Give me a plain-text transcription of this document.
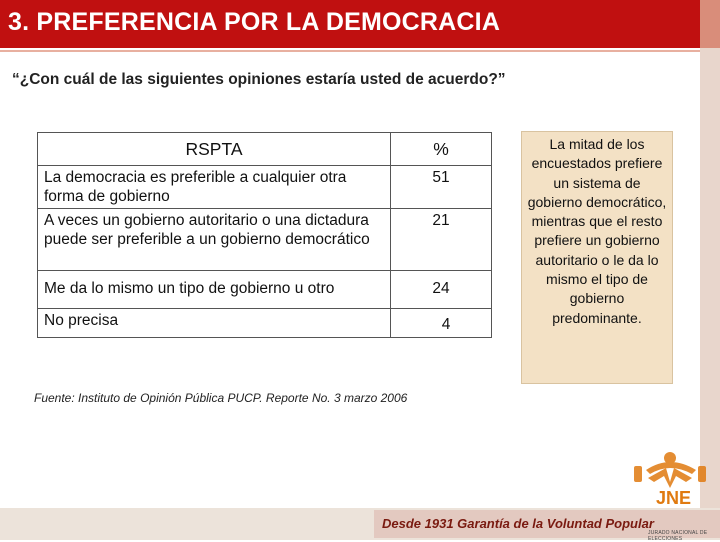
3. PREFERENCIA POR LA DEMOCRACIA
“¿Con cuál de las siguientes opiniones estaría usted de acuerdo?”
RSPTA	%
La democracia es preferible a cualquier otra forma de gobierno	51
A veces un gobierno autoritario o una dictadura puede ser preferible a un gobierno democrático	21
Me da lo mismo un tipo de gobierno u otro	24
No precisa	4
Fuente: Instituto de Opinión Pública PUCP. Reporte No. 3 marzo 2006
La mitad de los encuestados prefiere un sistema de gobierno democrático, mientras que el resto prefiere un gobierno autoritario o le da lo mismo el tipo de gobierno predominante.
JNE
Desde 1931 Garantía de la Voluntad Popular
JURADO NACIONAL DE ELECCIONES
